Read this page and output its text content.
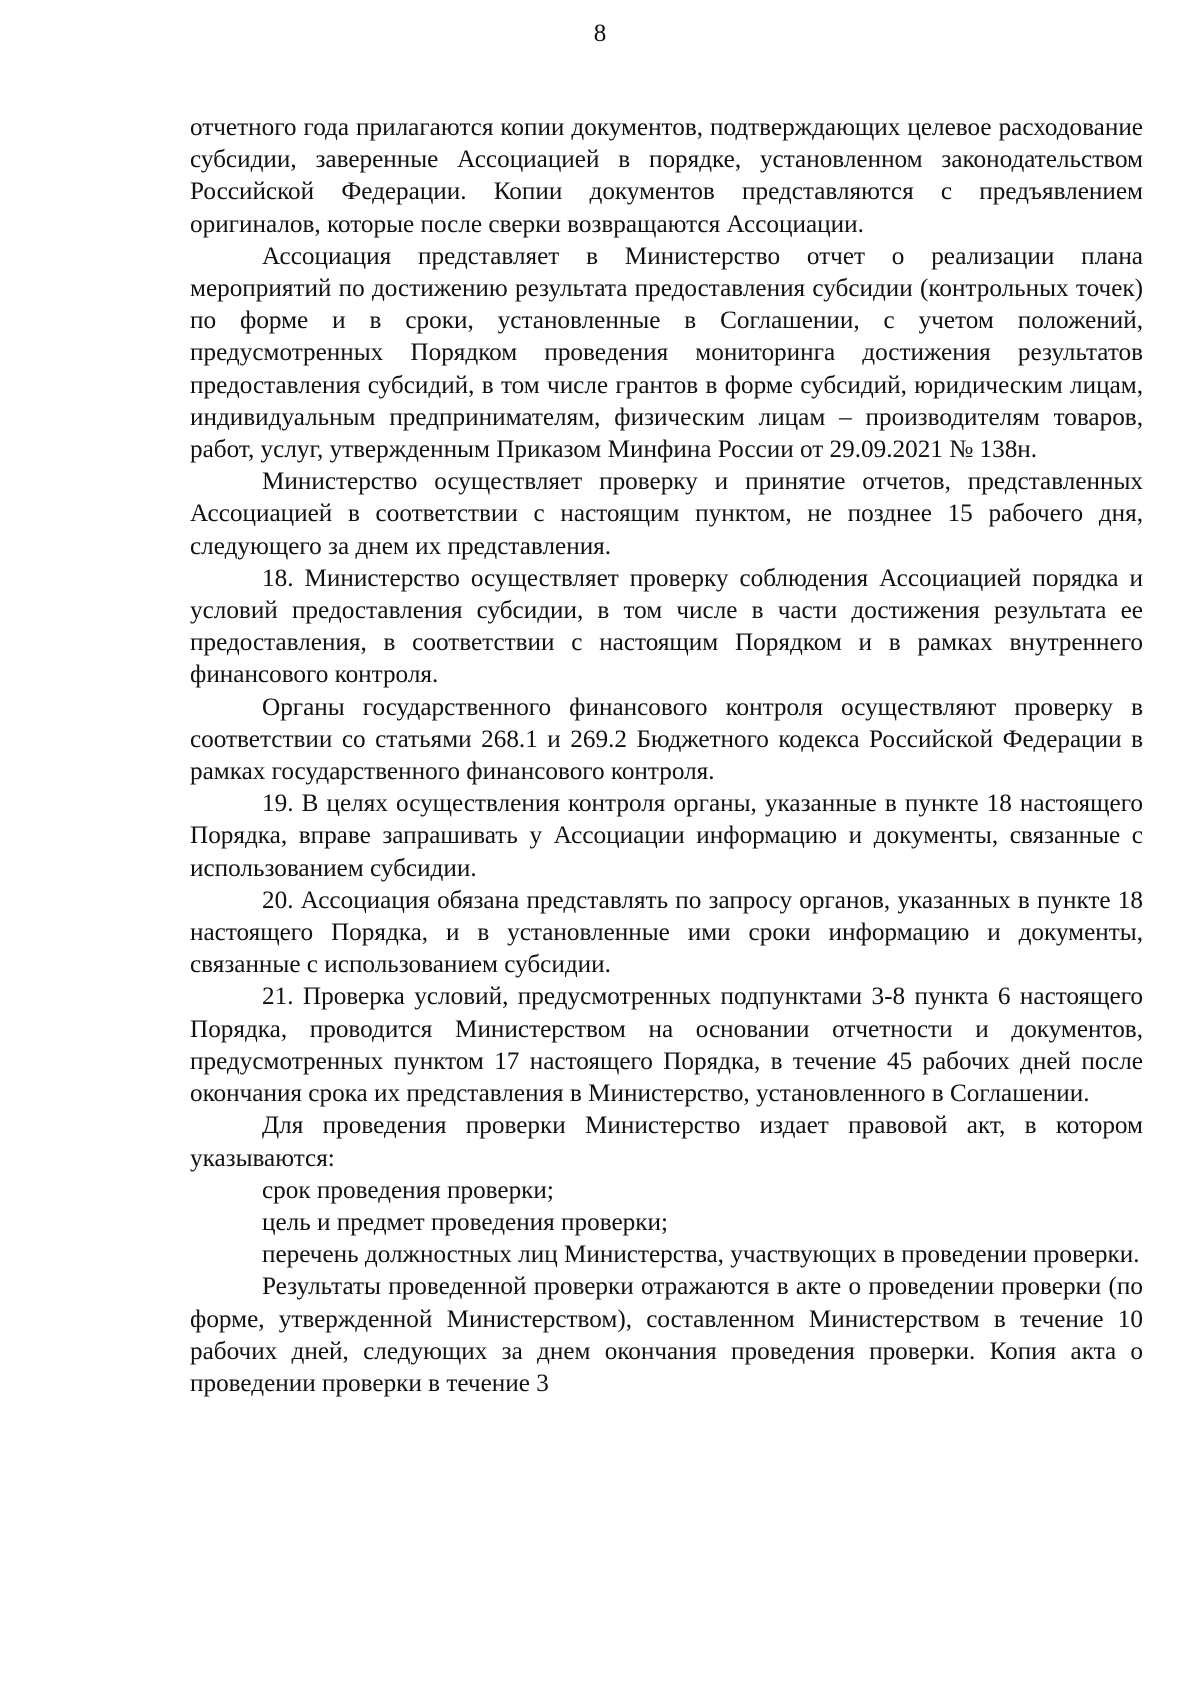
8

отчетного года прилагаются копии документов, подтверждающих целевое расходование субсидии, заверенные Ассоциацией в порядке, установленном законодательством Российской Федерации. Копии документов представляются с предъявлением оригиналов, которые после сверки возвращаются Ассоциации.

Ассоциация представляет в Министерство отчет о реализации плана мероприятий по достижению результата предоставления субсидии (контрольных точек) по форме и в сроки, установленные в Соглашении, с учетом положений, предусмотренных Порядком проведения мониторинга достижения результатов предоставления субсидий, в том числе грантов в форме субсидий, юридическим лицам, индивидуальным предпринимателям, физическим лицам – производителям товаров, работ, услуг, утвержденным Приказом Минфина России от 29.09.2021 № 138н.

Министерство осуществляет проверку и принятие отчетов, представленных Ассоциацией в соответствии с настоящим пунктом, не позднее 15 рабочего дня, следующего за днем их представления.

18. Министерство осуществляет проверку соблюдения Ассоциацией порядка и условий предоставления субсидии, в том числе в части достижения результата ее предоставления, в соответствии с настоящим Порядком и в рамках внутреннего финансового контроля.

Органы государственного финансового контроля осуществляют проверку в соответствии со статьями 268.1 и 269.2 Бюджетного кодекса Российской Федерации в рамках государственного финансового контроля.

19. В целях осуществления контроля органы, указанные в пункте 18 настоящего Порядка, вправе запрашивать у Ассоциации информацию и документы, связанные с использованием субсидии.

20. Ассоциация обязана представлять по запросу органов, указанных в пункте 18 настоящего Порядка, и в установленные ими сроки информацию и документы, связанные с использованием субсидии.

21. Проверка условий, предусмотренных подпунктами 3-8 пункта 6 настоящего Порядка, проводится Министерством на основании отчетности и документов, предусмотренных пунктом 17 настоящего Порядка, в течение 45 рабочих дней после окончания срока их представления в Министерство, установленного в Соглашении.

Для проведения проверки Министерство издает правовой акт, в котором указываются:

срок проведения проверки;

цель и предмет проведения проверки;

перечень должностных лиц Министерства, участвующих в проведении проверки.

Результаты проведенной проверки отражаются в акте о проведении проверки (по форме, утвержденной Министерством), составленном Министерством в течение 10 рабочих дней, следующих за днем окончания проведения проверки. Копия акта о проведении проверки в течение 3
